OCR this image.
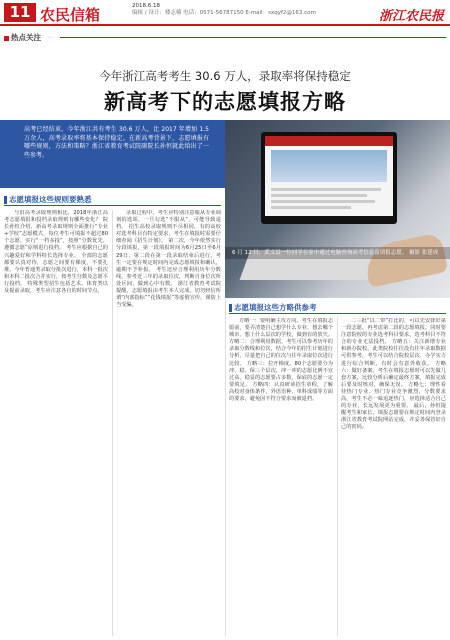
11 农民信箱	2018.6.18
编辑 / 设计：楼志楠 电话：0571-56787150 E-mail：sxqyf2@163.com	浙江农民报
热点关注
今年浙江高考考生 30.6 万人，录取率将保持稳定
新高考下的志愿填报方略
高考已经结束。今年浙江共有考生 30.6 万人，比 2017 年增加 1.5 万余人，高考录取率将基本保持稳定。在新高考背景下，志愿填报有哪些规则，方法和策略？浙江省教育考试院副院长孙恒就此给出了一些参考。
6 月 12 日，武义县一位同学在家中通过电脑查询高考信息及填报志愿。 摄影 张建成
志愿填报这些规则要熟悉
志愿填报这些方略供参考

与旧高考录取规则相比，2018年浙江高考志愿填报和投档录取规则有哪些变化？ 院长孙恒介绍，新高考录取规则全面推行“专业+学校”志愿模式，每位考生可填报不超过80个志愿，实行“一档多投”，按照“分数优先、遵循志愿”原则进行投档。 考生应根据自己的兴趣爱好和学科特长选择专业。 全部的志愿都要认真对待，志愿之间要有梯度，不要扎堆。今年普通类录取分批次进行，本科一批次和本科二批次合并实行，按考生分数及志愿平行投档。 特殊类型招生包括艺术、体育类以及提前录取，考生应注意各自的时间节点。

录取过程中，考生应特别注意服从专业调剂的选项，一旦勾选“不服从”，可能导致退档。 招生高校录取规则不尽相同，有的高校对选考科目有特定要求，考生在填报时需要仔细查阅《招生计划》。 第二次，今年依然实行分段填报，第一段填报时间为6月25日至6月29日，第二段在第一段录取结束后进行。考生一定要在规定时间内完成志愿填报和确认，逾期不予补报。 考生还应合理利用历年分数线，参考近三年的录取位次，判断自身位次所处区间，做到心中有数。 浙江省教育考试院提醒，志愿填报由考生本人完成，切勿轻信所谓“内部指标”“花钱填报”等虚假宣传，谨防上当受骗。

方略一：要明确主攻方向。考生在填报志愿前，要弄清楚自己想学什么专业、想去哪个城市、想上什么层次的学校，做到有的放矢。 方略二：合理利用数据。考生可以参考历年的录取分数线和位次，结合今年的招生计划进行分析，尽量把自己的位次与往年录取位次进行比较。 方略三：拉开梯度。80个志愿要分为冲、稳、保三个层次，冲一冲的志愿比例不宜过高，稳妥的志愿要占多数，保底的志愿一定要填足。 方略四：认真研读招生章程，了解高校对身体条件、外语语种、单科成绩等方面的要求，避免因不符合要求而被退档。

二三批“以二带”打比的，可以先安排好第一段志愿，再考虑第二段的志愿填报。同时要注意院校的专业选考科目要求，选考科目不符合的专业无法投档。 方略五：关注新增专业和新办院校。此类院校往往没有往年录取数据可供参考，考生可以结合院校层次、办学实力进行综合判断，有时会有意外收获。 方略六：做好备案。考生在填报志愿时可以先做几套方案，比较分析后确定最终方案，填报完成后要及时核对，确保无误。 方略七：理性看待热门专业。热门专业竞争激烈，分数要求高，考生不必一味追逐热门，应选择适合自己的专业，长远发展更为重要。 最后，孙恒提醒考生和家长，填报志愿要在规定时间内登录浙江省教育考试院网站完成，并妥善保管好自己的密码。
